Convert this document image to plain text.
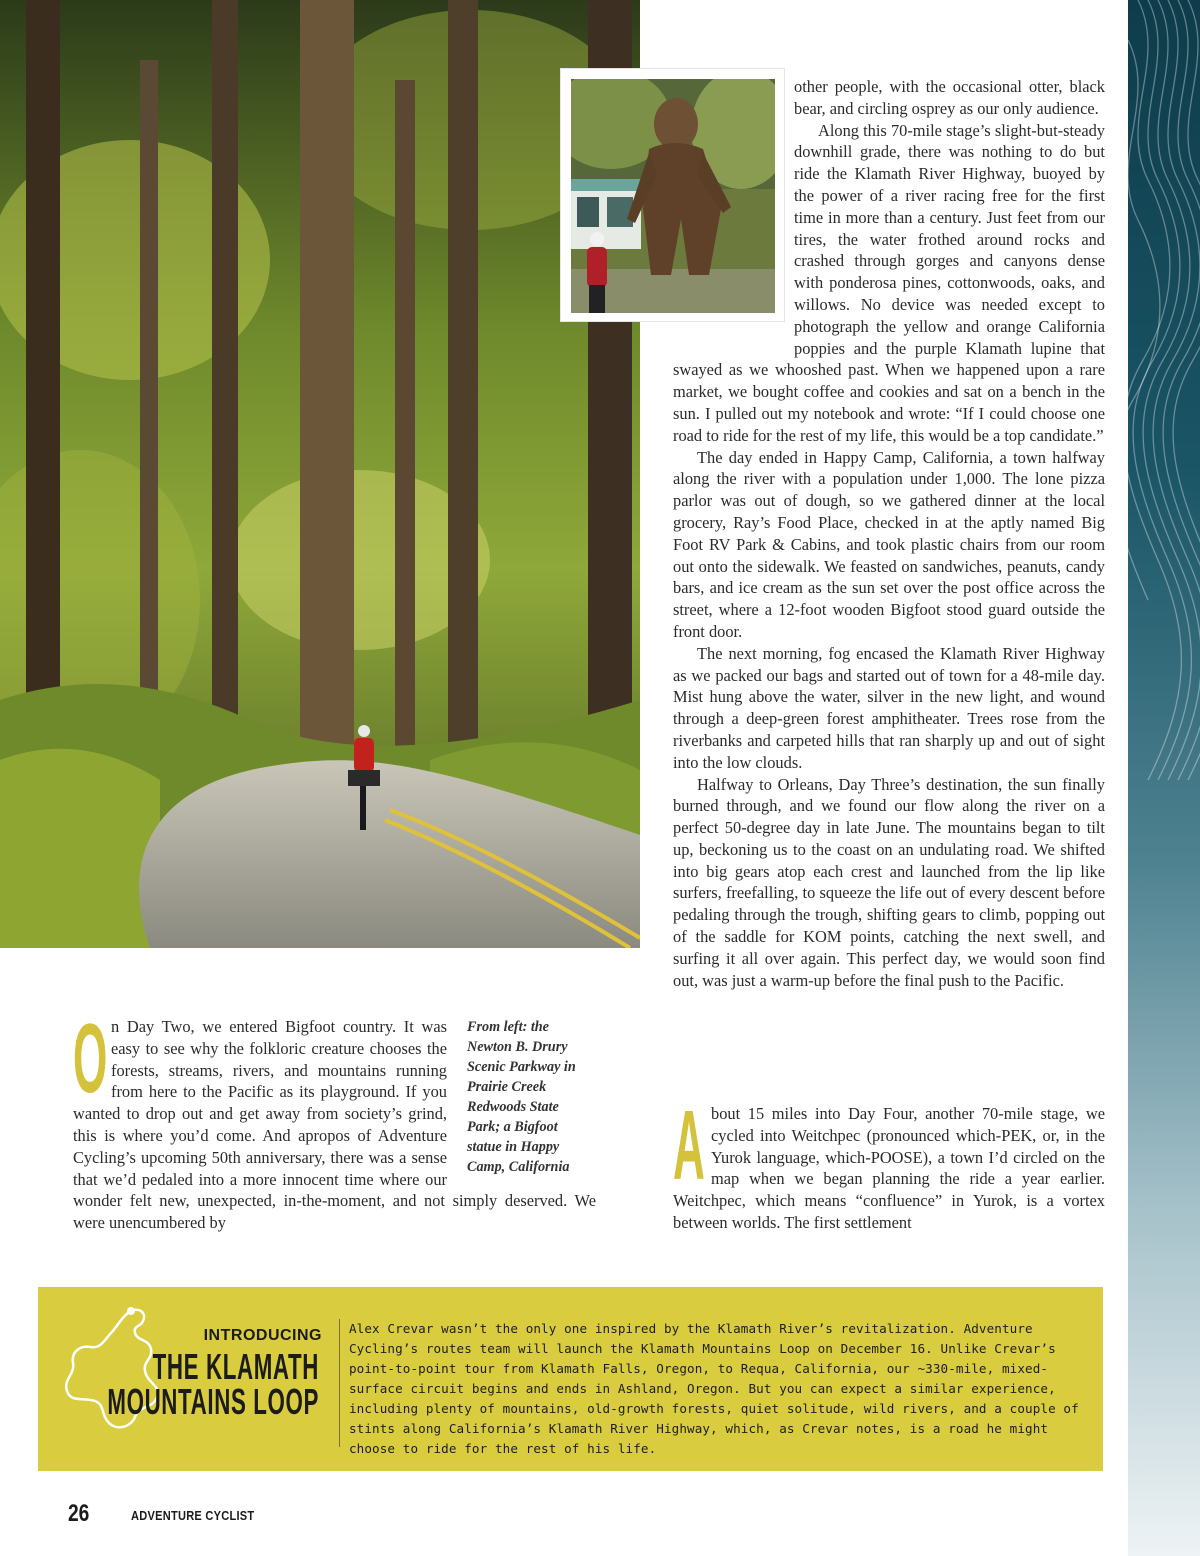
other people, with the occasional otter, black bear, and circling osprey as our only audience.

Along this 70-mile stage’s slight-but-steady downhill grade, there was nothing to do but ride the Klamath River Highway, buoyed by the power of a river racing free for the first time in more than a century. Just feet from our tires, the water frothed around rocks and crashed through gorges and canyons dense with ponderosa pines, cottonwoods, oaks, and willows. No device was needed except to photograph the yellow and orange California poppies and the purple Klamath lupine that swayed as we whooshed past. When we happened upon a rare market, we bought coffee and cookies and sat on a bench in the sun. I pulled out my notebook and wrote: “If I could choose one road to ride for the rest of my life, this would be a top candidate.”

The day ended in Happy Camp, California, a town halfway along the river with a population under 1,000. The lone pizza parlor was out of dough, so we gathered dinner at the local grocery, Ray’s Food Place, checked in at the aptly named Big Foot RV Park & Cabins, and took plastic chairs from our room out onto the sidewalk. We feasted on sandwiches, peanuts, candy bars, and ice cream as the sun set over the post office across the street, where a 12-foot wooden Bigfoot stood guard outside the front door.

The next morning, fog encased the Klamath River Highway as we packed our bags and started out of town for a 48-mile day. Mist hung above the water, silver in the new light, and wound through a deep-green forest amphitheater. Trees rose from the riverbanks and carpeted hills that ran sharply up and out of sight into the low clouds.

Halfway to Orleans, Day Three’s destination, the sun finally burned through, and we found our flow along the river on a perfect 50-degree day in late June. The mountains began to tilt up, beckoning us to the coast on an undulating road. We shifted into big gears atop each crest and launched from the lip like surfers, freefalling, to squeeze the life out of every descent before pedaling through the trough, shifting gears to climb, popping out of the saddle for KOM points, catching the next swell, and surfing it all over again. This perfect day, we would soon find out, was just a warm-up before the final push to the Pacific.

From left: the Newton B. Drury Scenic Parkway in Prairie Creek Redwoods State Park; a Bigfoot statue in Happy Camp, California
O n Day Two, we entered Bigfoot country. It was easy to see why the folkloric creature chooses the forests, streams, rivers, and mountains running from here to the Pacific as its playground. If you wanted to drop out and get away from society’s grind, this is where you’d come. And apropos of Adventure Cycling’s upcoming 50th anniversary, there was a sense that we’d pedaled into a more innocent time where our wonder felt new, unexpected, in-the-moment, and not simply deserved. We were unencumbered by

A bout 15 miles into Day Four, another 70-mile stage, we cycled into Weitchpec (pronounced which-PEK, or, in the Yurok language, which-POOSE), a town I’d circled on the map when we began planning the ride a year earlier. Weitchpec, which means “confluence” in Yurok, is a vortex between worlds. The first settlement

INTRODUCING
THE KLAMATH
MOUNTAINS LOOP
Alex Crevar wasn’t the only one inspired by the Klamath River’s revitalization. Adventure Cycling’s routes team will launch the Klamath Mountains Loop on December 16. Unlike Crevar’s point-to-point tour from Klamath Falls, Oregon, to Requa, California, our ~330-mile, mixed-surface circuit begins and ends in Ashland, Oregon. But you can expect a similar experience, including plenty of mountains, old-growth forests, quiet solitude, wild rivers, and a couple of stints along California’s Klamath River Highway, which, as Crevar notes, is a road he might choose to ride for the rest of his life.
26	ADVENTURE CYCLIST
